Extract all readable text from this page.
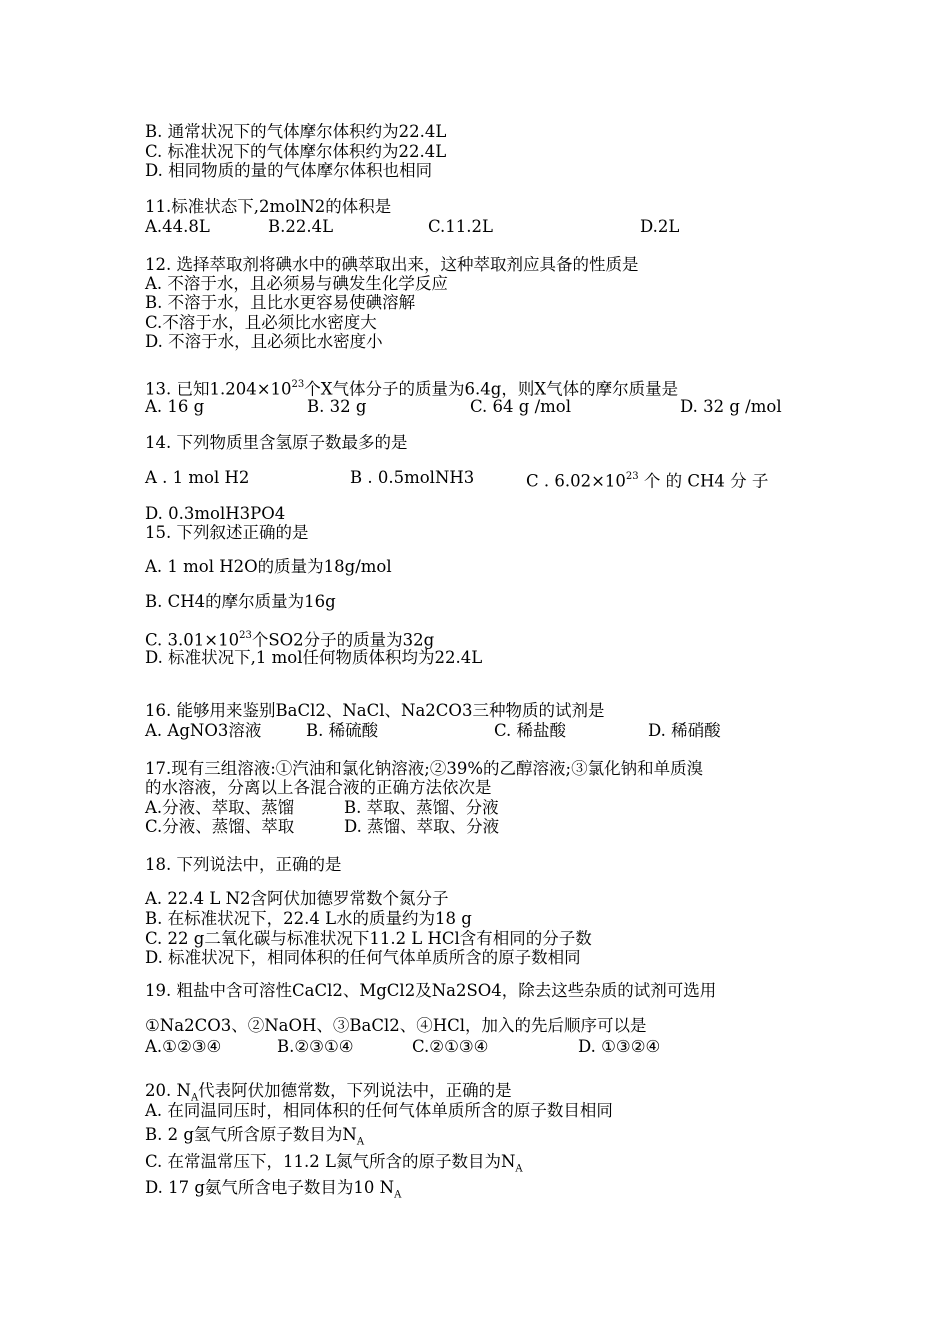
B. 通常状况下的气体摩尔体积约为22.4L
C. 标准状况下的气体摩尔体积约为22.4L
D. 相同物质的量的气体摩尔体积也相同
11.标准状态下,2molN2的体积是
A.44.8L	B.22.4L	C.11.2L	D.2L
12. 选择萃取剂将碘水中的碘萃取出来，这种萃取剂应具备的性质是
A. 不溶于水，且必须易与碘发生化学反应
B. 不溶于水，且比水更容易使碘溶解
C.不溶于水，且必须比水密度大
D. 不溶于水，且必须比水密度小
13. 已知$1.204\times 10^{23}$个X气体分子的质量为6.4g，则X气体的摩尔质量是
A. 16 g	B. 32 g	C. 64 g /mol	D. 32 g /mol
14. 下列物质里含氢原子数最多的是
A . 1 mol H2	B . 0.5molNH3	C . $6.02\times 10^{23}$ 个 的 CH4 分 子
D. 0.3molH3PO4
15. 下列叙述正确的是
A. 1 mol H2O的质量为18g/mol
B. CH4的摩尔质量为16g
C. $3.01\times 10^{23}$个SO2分子的质量为32g
D. 标准状况下,1 mol任何物质体积均为22.4L
16. 能够用来鉴别BaCl2、NaCl、Na2CO3三种物质的试剂是
A. AgNO3溶液	B. 稀硫酸	C. 稀盐酸	D. 稀硝酸
17.现有三组溶液:①汽油和氯化钠溶液;②39%的乙醇溶液;③氯化钠和单质溴
的水溶液，分离以上各混合液的正确方法依次是
A.分液、萃取、蒸馏	B. 萃取、蒸馏、分液
C.分液、蒸馏、萃取	D. 蒸馏、萃取、分液
18. 下列说法中，正确的是
A. 22.4 L N2含阿伏加德罗常数个氮分子
B. 在标准状况下，22.4 L水的质量约为18 g
C. 22 g二氧化碳与标准状况下11.2 L HCl含有相同的分子数
D. 标准状况下，相同体积的任何气体单质所含的原子数相同
19. 粗盐中含可溶性CaCl2、MgCl2及Na2SO4，除去这些杂质的试剂可选用
①Na2CO3、②NaOH、③BaCl2、④HCl，加入的先后顺序可以是
A.①②③④	B.②③①④	C.②①③④	D. ①③②④
20. $N_A$代表阿伏加德常数，下列说法中，正确的是
A. 在同温同压时，相同体积的任何气体单质所含的原子数目相同
B. 2 g氢气所含原子数目为$N_A$
C. 在常温常压下，11.2 L氮气所含的原子数目为$N_A$
D. 17 g氨气所含电子数目为10 $N_A$
